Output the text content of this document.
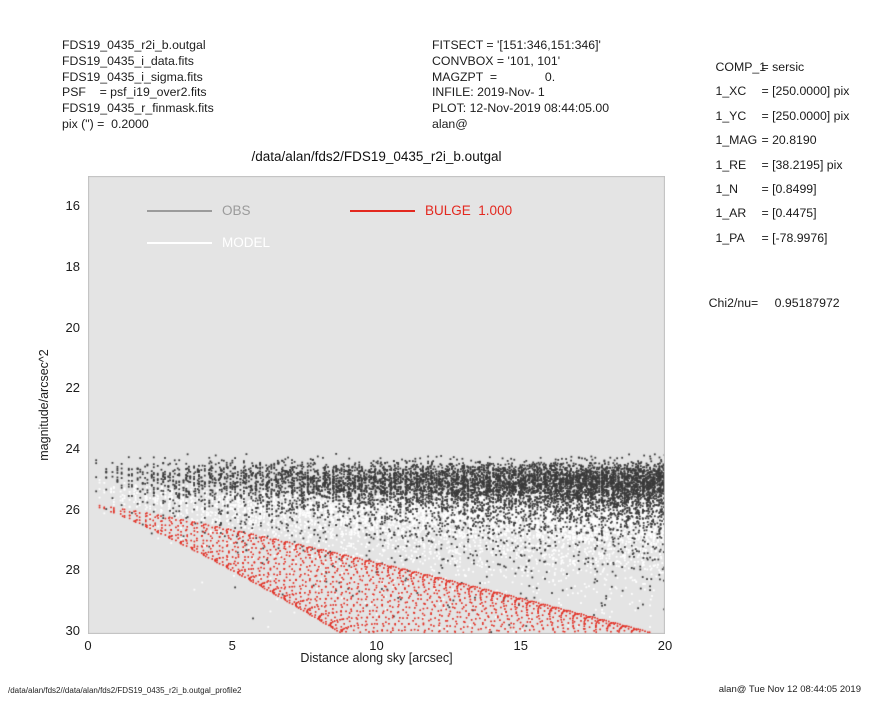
FDS19_0435_r2i_b.outgal
FDS19_0435_i_data.fits
FDS19_0435_i_sigma.fits
PSF    = psf_i19_over2.fits
FDS19_0435_r_finmask.fits
pix (") =  0.2000
FITSECT = '[151:346,151:346]'
CONVBOX = '101, 101'
MAGZPT  =              0.
INFILE: 2019-Nov- 1
PLOT: 12-Nov-2019 08:44:05.00
alan@

COMP_1= sersic

1_XC = [250.0000] pix

1_YC = [250.0000] pix

1_MAG = 20.8190

1_RE = [38.2195] pix

1_N = [0.8499]

1_AR = [0.4475]

1_PA = [-78.9976]

Chi2/nu= 0.95187972

/data/alan/fds2/FDS19_0435_r2i_b.outgal
magnitude/arcsec^2
Distance along sky [arcsec]
16
18
20
22
24
26
28
30
0	5	10	15	20
OBS
MODEL
BULGE 1.000
/data/alan/fds2//data/alan/fds2/FDS19_0435_r2i_b.outgal_profile2	alan@ Tue Nov 12 08:44:05 2019
